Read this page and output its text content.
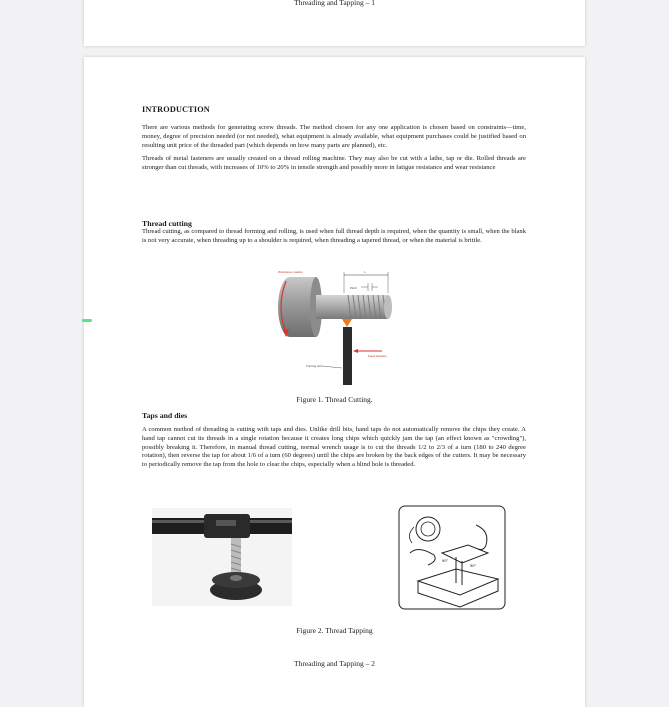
Threading and Tapping – 1
INTRODUCTION

There are various methods for generating screw threads. The method chosen for any one application is chosen based on constraints—time, money, degree of precision needed (or not needed), what equipment is already available, what equipment purchases could be justified based on resulting unit price of the threaded part (which depends on how many parts are planned), etc.

Threads of metal fasteners are usually created on a thread rolling machine. They may also be cut with a lathe, tap or die. Rolled threads are stronger than cut threads, with increases of 10% to 20% in tensile strength and possibly more in fatigue resistance and wear resistance

Thread cutting

Thread cutting, as compared to thread forming and rolling, is used when full thread depth is required, when the quantity is small, when the blank is not very accurate, when threading up to a shoulder is required, when threading a tapered thread, or when the material is brittle.

Workpiece rotation	L
Pitch
Turning tool
Feed direction
Figure 1. Thread Cutting.
Taps and dies

A common method of threading is cutting with taps and dies. Unlike drill bits, hand taps do not automatically remove the chips they create. A hand tap cannot cut its threads in a single rotation because it creates long chips which quickly jam the tap (an effect known as "crowding"), possibly breaking it. Therefore, in manual thread cutting, normal wrench usage is to cut the threads 1/2 to 2/3 of a turn (180 to 240 degree rotation), then reverse the tap for about 1/6 of a turn (60 degrees) until the chips are broken by the back edges of the cutters. It may be necessary to periodically remove the tap from the hole to clear the chips, especially when a blind hole is threaded.

90°
90°
Figure 2. Thread Tapping
Threading and Tapping – 2
